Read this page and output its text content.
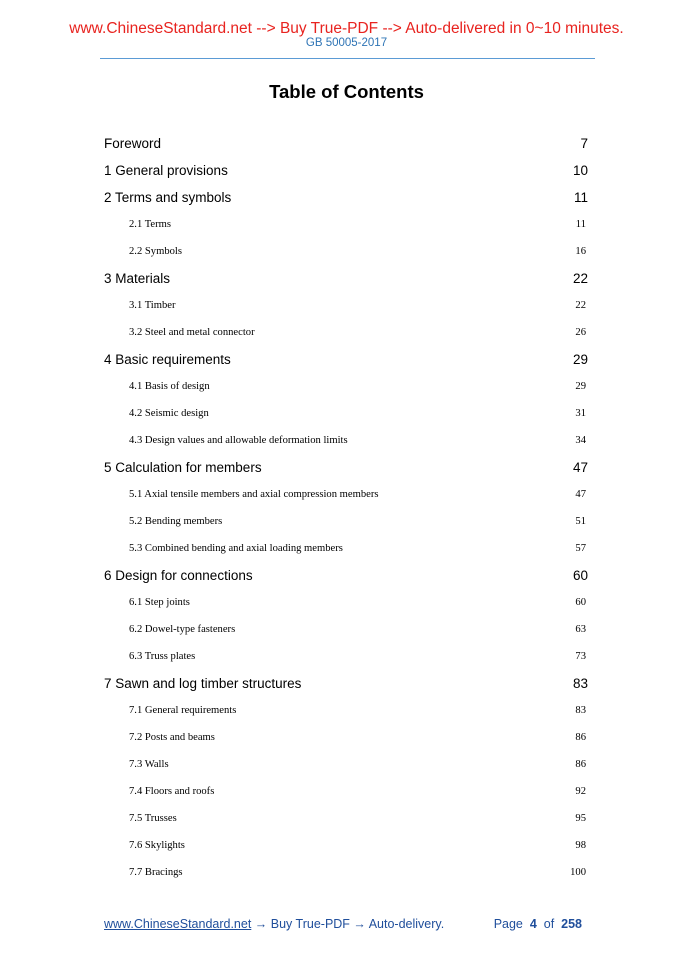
www.ChineseStandard.net --> Buy True-PDF --> Auto-delivered in 0~10 minutes.
GB 50005-2017
Table of Contents
Foreword .....	7
1 General provisions .....	10
2 Terms and symbols .....	11
2.1 Terms .....	11
2.2 Symbols .....	16
3 Materials .....	22
3.1 Timber .....	22
3.2 Steel and metal connector .....	26
4 Basic requirements .....	29
4.1 Basis of design .....	29
4.2 Seismic design .....	31
4.3 Design values and allowable deformation limits .....	34
5 Calculation for members .....	47
5.1 Axial tensile members and axial compression members .....	47
5.2 Bending members .....	51
5.3 Combined bending and axial loading members .....	57
6 Design for connections .....	60
6.1 Step joints .....	60
6.2 Dowel-type fasteners .....	63
6.3 Truss plates .....	73
7 Sawn and log timber structures .....	83
7.1 General requirements .....	83
7.2 Posts and beams .....	86
7.3 Walls .....	86
7.4 Floors and roofs .....	92
7.5 Trusses .....	95
7.6 Skylights .....	98
7.7 Bracings .....	100
www.ChineseStandard.net → Buy True-PDF → Auto-delivery.	Page 4 of 258
